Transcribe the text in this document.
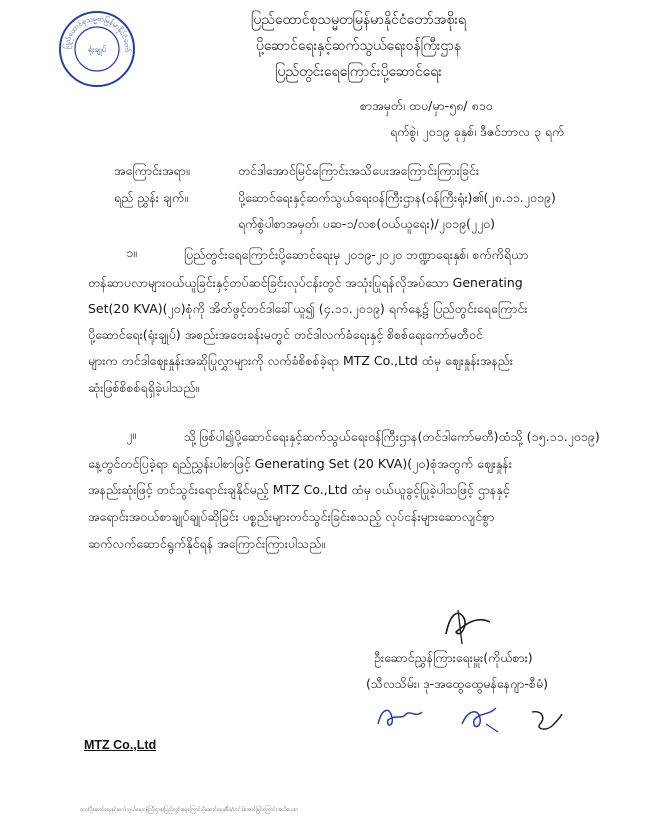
ပြည်ထောင်စုသမ္မတမြန်မာနိုင်ငံတော်
ရုံးချုပ်
ပြည်ထောင်စုသမ္မတမြန်မာနိုင်ငံတော်အစိုးရ
ပို့ဆောင်ရေးနှင့်ဆက်သွယ်ရေးဝန်ကြီးဌာန
ပြည်တွင်းရေကြောင်းပို့ဆောင်ရေး
စာအမှတ်၊ ထပ/မှာ-၅၈/ ၈၁၀
ရက်စွဲ၊ ၂၀၁၉ ခုနှစ်၊ ဒီဇင်ဘာလ ၃ ရက်
အကြောင်းအရာ။	တင်ဒါအောင်မြင်ကြောင်းအသိပေးအကြောင်းကြားခြင်း
ရည် ညွှန်း ချက်။	ပို့ဆောင်ရေးနှင့်ဆက်သွယ်ရေးဝန်ကြီးဌာန(ဝန်ကြီးရုံး)၏(၂၈.၁၁.၂၀၁၉)
ရက်စွဲပါစာအမှတ်၊ ပဆ-၁/လစ(ဝယ်ယူရေး)/၂၀၁၉(၂၂၀)
၁။	ပြည်တွင်းရေကြောင်းပို့ဆောင်ရေးမှ ၂၀၁၉-၂၀၂၀ ဘဏ္ဍာရေးနှစ်၊ စက်ကိရိယာ
တန်ဆာပလာများဝယ်ယူခြင်းနှင့်တပ်ဆင်ခြင်းလုပ်ငန်းတွင် အသုံးပြုရန်လိုအပ်သော Generating
Set(20 KVA)(၂၀)စုံကို အိတ်ဖွင့်တင်ဒါခေါ်ယူ၍ (၄.၁၁.၂၀၁၉) ရက်နေ့၌ ပြည်တွင်းရေကြောင်း
ပို့ဆောင်ရေး(ရုံးချုပ်) အစည်းအဝေးခန်းမတွင် တင်ဒါလက်ခံရေးနှင့် စိစစ်ရေးကော်မတီဝင်
များက တင်ဒါဈေးနှုန်းအဆိုပြုလွှာများကို လက်ခံစိစစ်ခဲ့ရာ MTZ Co.,Ltd ထံမှ ဈေးနှုန်းအနည်း
ဆုံးဖြစ်စိစစ်ရရှိခဲ့ပါသည်။
၂။	သို့ဖြစ်ပါ၍ပို့ဆောင်ရေးနှင့်ဆက်သွယ်ရေးဝန်ကြီးဌာန(တင်ဒါကော်မတီ)ထံသို့ (၁၅.၁၁.၂၀၁၉)
နေ့တွင်တင်ပြခဲ့ရာ ရည်ညွှန်းပါစာဖြင့် Generating Set (20 KVA)(၂၀)စုံအတွက် ဈေးနှုန်း
အနည်းဆုံးဖြင့် တင်သွင်းရောင်းချနိုင်မည့် MTZ Co.,Ltd ထံမှ ဝယ်ယူခွင့်ပြုခဲ့ပါသဖြင့် ဌာနနှင့်
အရောင်းအဝယ်စာချုပ်ချုပ်ဆိုခြင်း ပစ္စည်းများတင်သွင်းခြင်းစသည့် လုပ်ငန်းများဆောလျင်စွာ
ဆက်လက်ဆောင်ရွက်နိုင်ရန် အကြောင်းကြားပါသည်။
ဦးဆောင်ညွှန်ကြားရေးမှူး(ကိုယ်စား)
(သီလသိမ်း၊ ဒု-အထွေထွေမန်နေဂျာ-စီမံ)
MTZ Co.,Ltd
ထပ/ပို့ဆောင်ရေးနှင့်ဆက်သွယ်ရေးဝန်ကြီးဌာန/ပြည်တွင်းရေကြောင်းပို့ဆောင်ရေး/စီမံ/တင်ဒါအောင်မြင်ကြောင်းအသိပေးစာ
